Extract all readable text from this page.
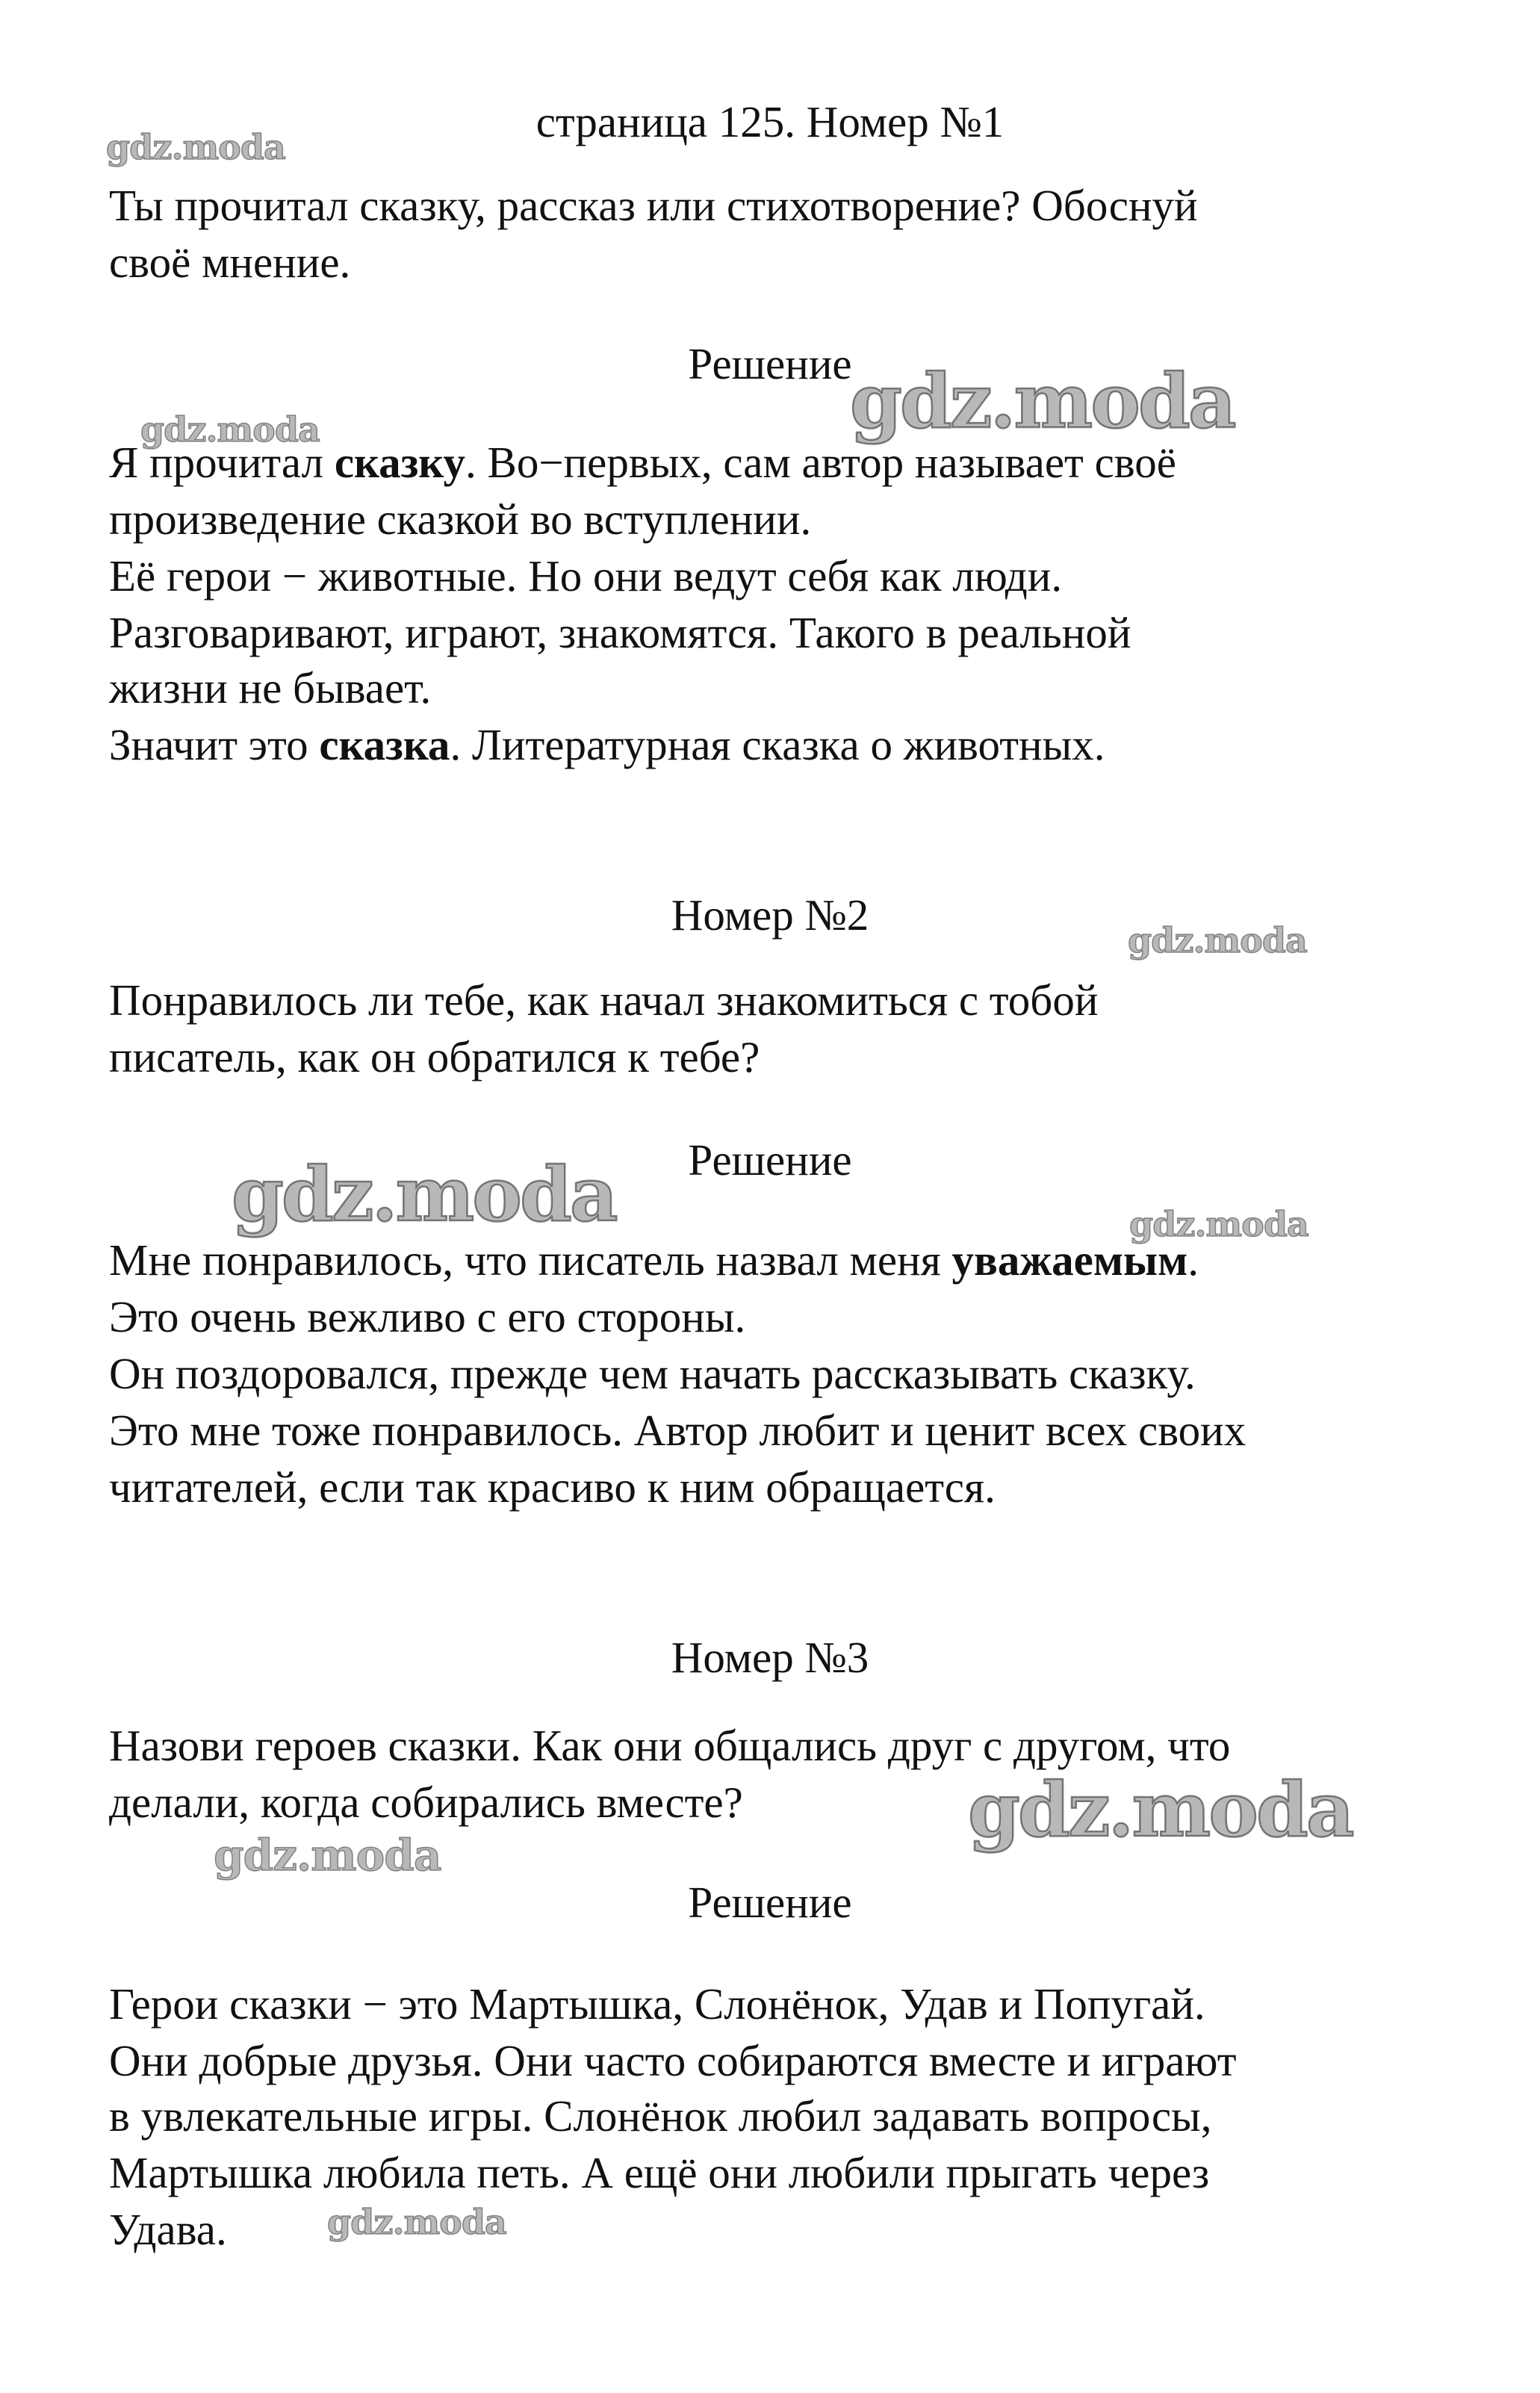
страница 125. Номер №1

Ты прочитал сказку, рассказ или стихотворение? Обоснуй

своё мнение.

Решение

Я прочитал сказку. Во−первых, сам автор называет своё

произведение сказкой во вступлении.

Её герои − животные. Но они ведут себя как люди.

Разговаривают, играют, знакомятся. Такого в реальной

жизни не бывает.

Значит это сказка. Литературная сказка о животных.

Номер №2

Понравилось ли тебе, как начал знакомиться с тобой

писатель, как он обратился к тебе?

Решение

Мне понравилось, что писатель назвал меня уважаемым.

Это очень вежливо с его стороны.

Он поздоровался, прежде чем начать рассказывать сказку.

Это мне тоже понравилось. Автор любит и ценит всех своих

читателей, если так красиво к ним обращается.

Номер №3

Назови героев сказки. Как они общались друг с другом, что

делали, когда собирались вместе?

Решение

Герои сказки − это Мартышка, Слонёнок, Удав и Попугай.

Они добрые друзья. Они часто собираются вместе и играют

в увлекательные игры. Слонёнок любил задавать вопросы,

Мартышка любила петь. А ещё они любили прыгать через

Удава.

gdz.moda
gdz.moda	gdz.moda
gdz.moda
gdz.moda	gdz.moda
gdz.moda
gdz.moda
gdz.moda
